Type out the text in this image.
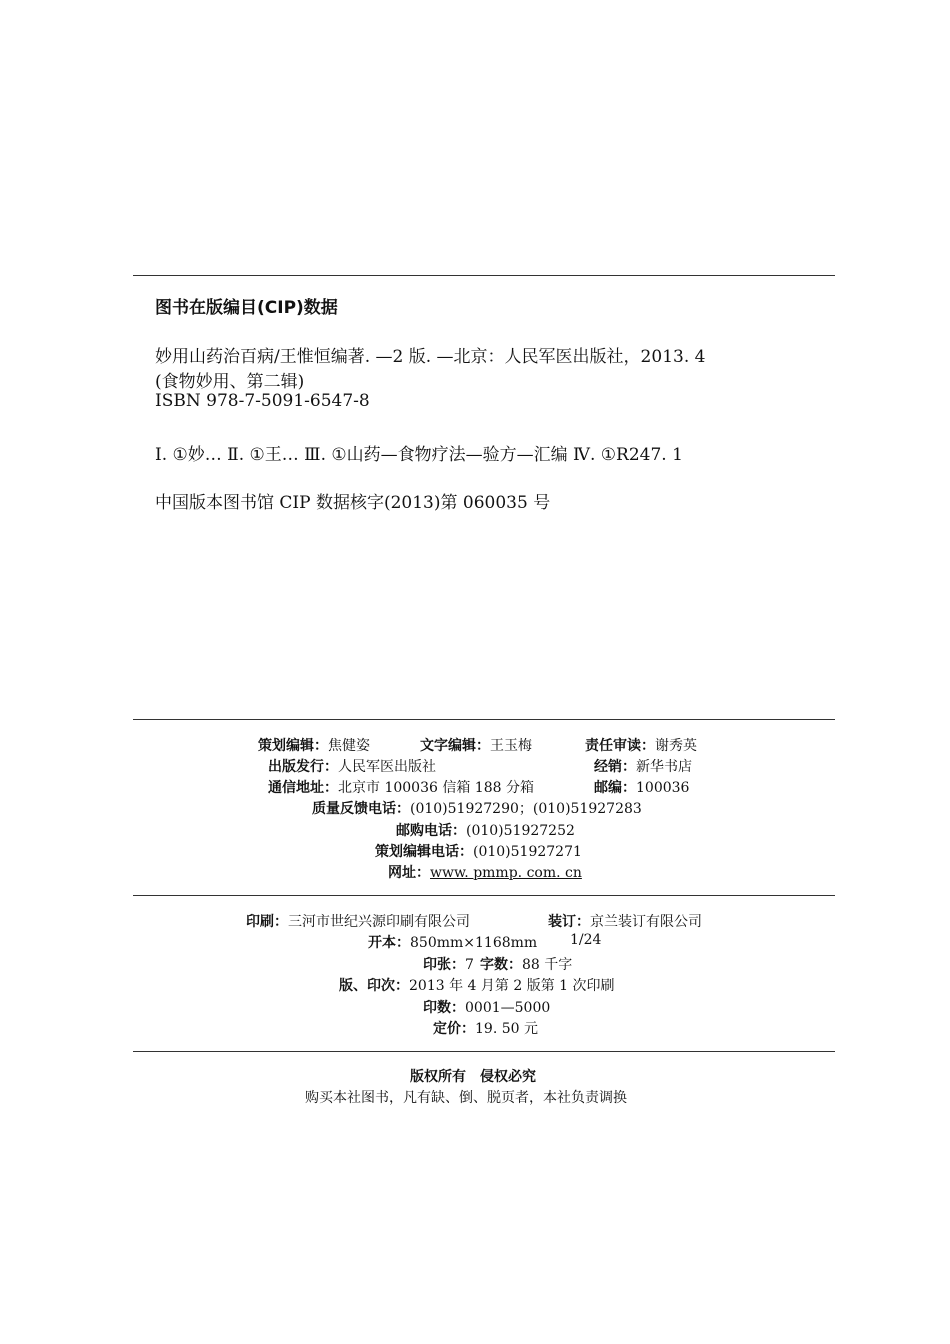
图书在版编目(CIP)数据
妙用山药治百病/王惟恒编著. —2 版. —北京：人民军医出版社，2013. 4
(食物妙用、第二辑)
ISBN 978-7-5091-6547-8
Ⅰ. ①妙… Ⅱ. ①王… Ⅲ. ①山药—食物疗法—验方—汇编 Ⅳ. ①R247. 1
中国版本图书馆 CIP 数据核字(2013)第 060035 号
策划编辑：焦健姿	文字编辑：王玉梅	责任审读：谢秀英
出版发行：人民军医出版社	经销：新华书店
通信地址：北京市 100036 信箱 188 分箱	邮编：100036
质量反馈电话：(010)51927290；(010)51927283
邮购电话：(010)51927252
策划编辑电话：(010)51927271
网址：www. pmmp. com. cn
印刷：三河市世纪兴源印刷有限公司	装订：京兰装订有限公司
开本：850mm×1168mm 1/24
印张：7 字数：88 千字
版、印次：2013 年 4 月第 2 版第 1 次印刷
印数：0001—5000
定价：19. 50 元
版权所有　侵权必究
购买本社图书，凡有缺、倒、脱页者，本社负责调换
